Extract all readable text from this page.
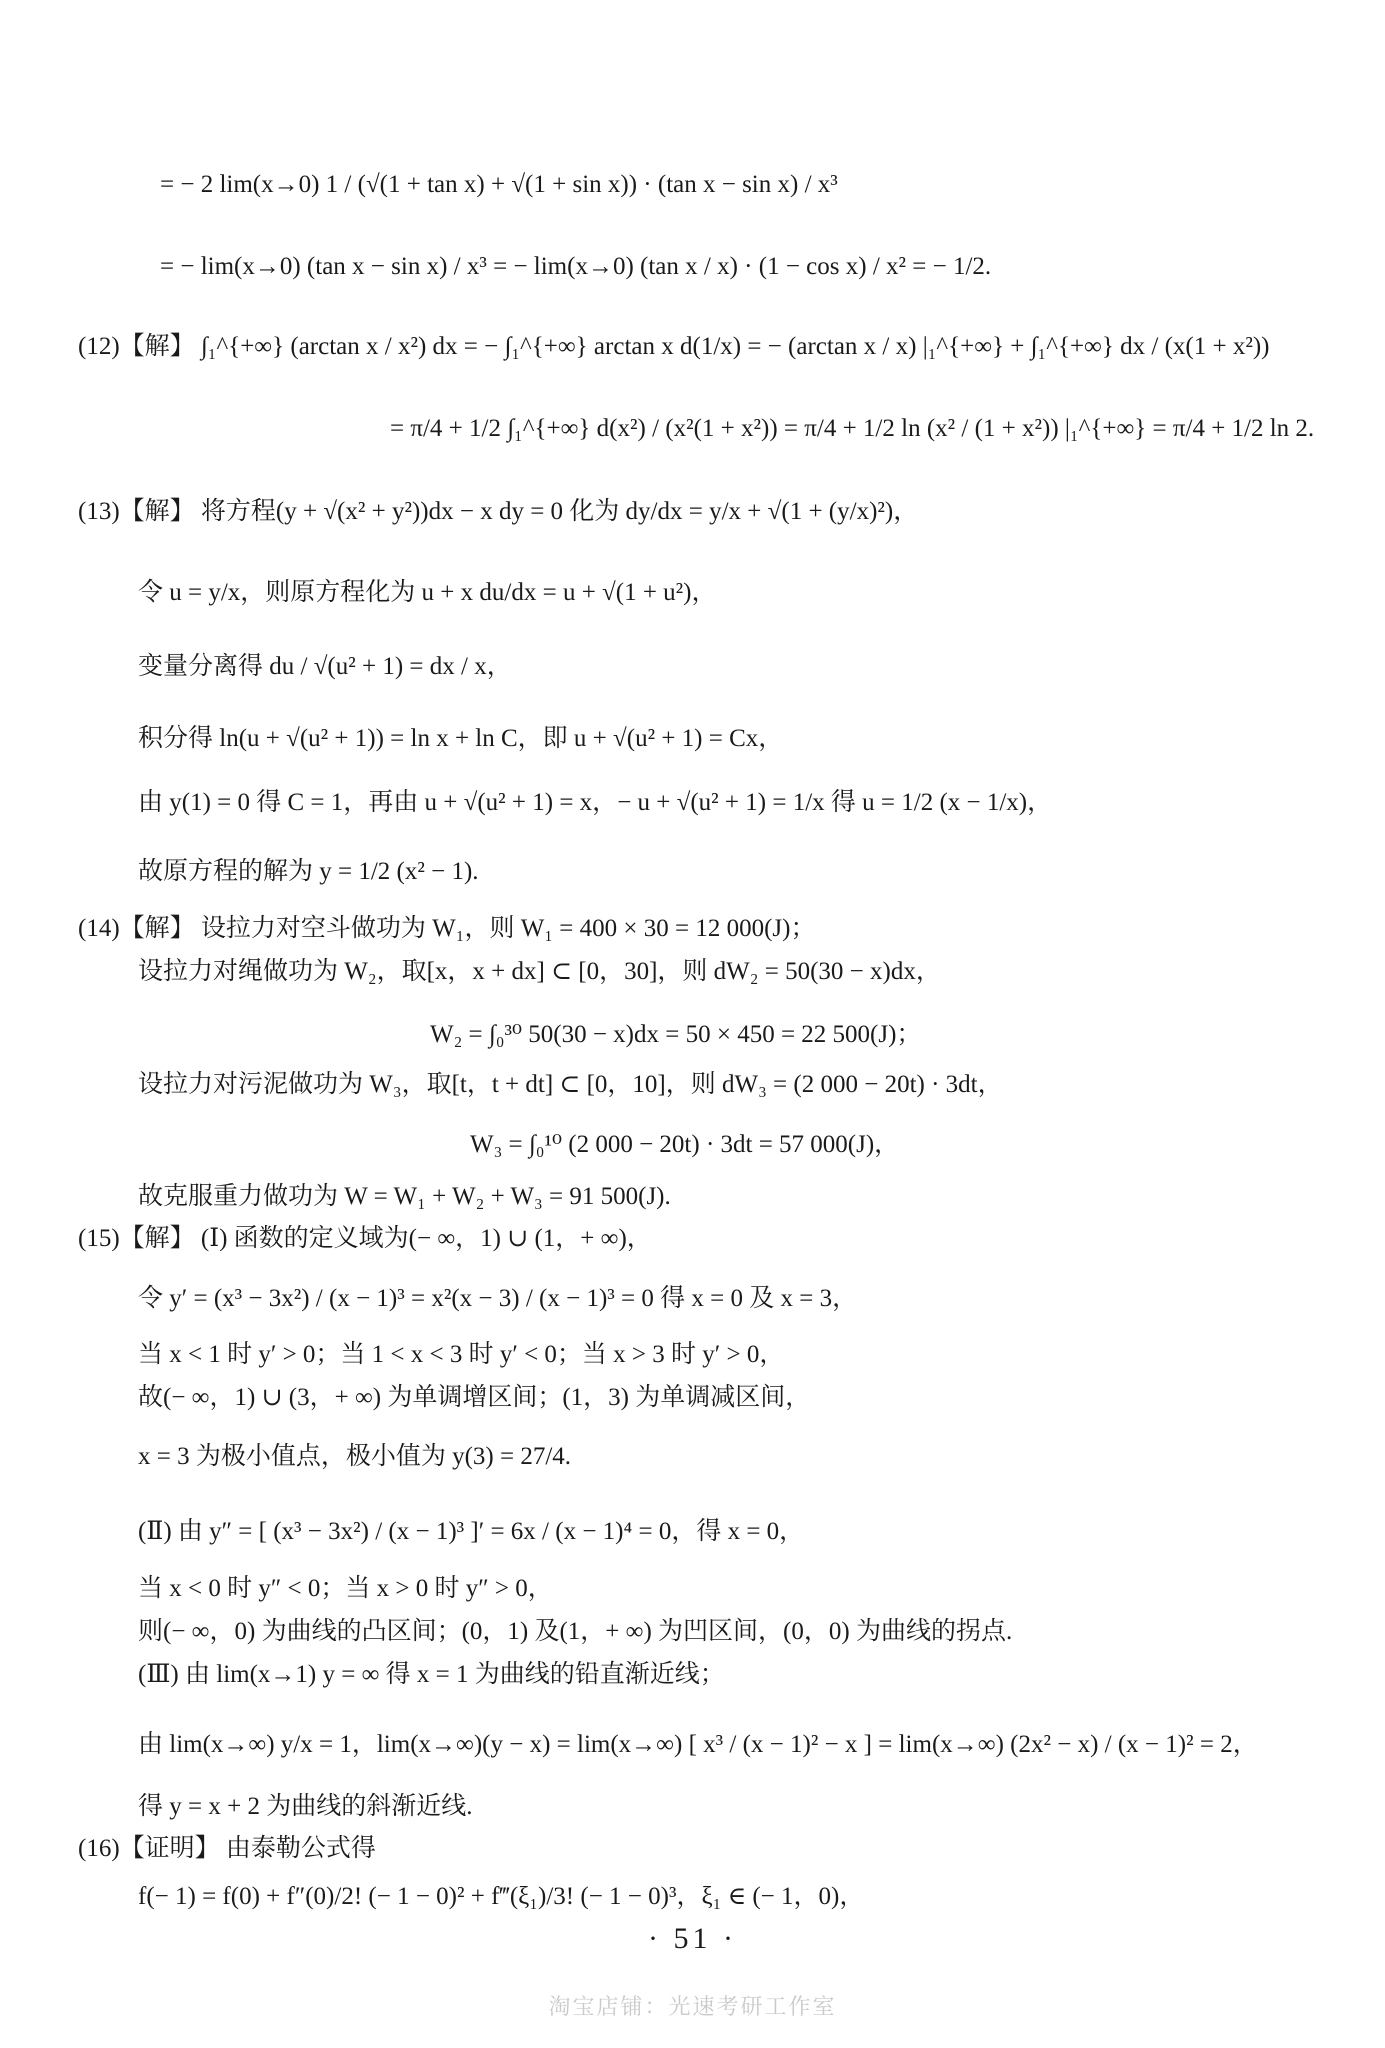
= − 2 lim(x→0) 1 / (√(1 + tan x) + √(1 + sin x)) · (tan x − sin x) / x³
= − lim(x→0) (tan x − sin x) / x³ = − lim(x→0) (tan x / x) · (1 − cos x) / x² = − 1/2.
(12)【解】 ∫₁^{+∞} (arctan x / x²) dx = − ∫₁^{+∞} arctan x d(1/x) = − (arctan x / x) |₁^{+∞} + ∫₁^{+∞} dx / (x(1 + x²))
= π/4 + 1/2 ∫₁^{+∞} d(x²) / (x²(1 + x²)) = π/4 + 1/2 ln (x² / (1 + x²)) |₁^{+∞} = π/4 + 1/2 ln 2.
(13)【解】 将方程(y + √(x² + y²))dx − x dy = 0 化为 dy/dx = y/x + √(1 + (y/x)²)，
令 u = y/x，则原方程化为 u + x du/dx = u + √(1 + u²)，
变量分离得 du / √(u² + 1) = dx / x，
积分得 ln(u + √(u² + 1)) = ln x + ln C，即 u + √(u² + 1) = Cx，
由 y(1) = 0 得 C = 1，再由 u + √(u² + 1) = x，− u + √(u² + 1) = 1/x 得 u = 1/2 (x − 1/x)，
故原方程的解为 y = 1/2 (x² − 1).
(14)【解】 设拉力对空斗做功为 W₁，则 W₁ = 400 × 30 = 12 000(J)；
设拉力对绳做功为 W₂，取[x，x + dx] ⊂ [0，30]，则 dW₂ = 50(30 − x)dx，
W₂ = ∫₀³⁰ 50(30 − x)dx = 50 × 450 = 22 500(J)；
设拉力对污泥做功为 W₃，取[t，t + dt] ⊂ [0，10]，则 dW₃ = (2 000 − 20t) · 3dt，
W₃ = ∫₀¹⁰ (2 000 − 20t) · 3dt = 57 000(J)，
故克服重力做功为 W = W₁ + W₂ + W₃ = 91 500(J).
(15)【解】 (Ⅰ) 函数的定义域为(− ∞，1) ∪ (1，+ ∞)，
令 y′ = (x³ − 3x²) / (x − 1)³ = x²(x − 3) / (x − 1)³ = 0 得 x = 0 及 x = 3，
当 x < 1 时 y′ > 0；当 1 < x < 3 时 y′ < 0；当 x > 3 时 y′ > 0，
故(− ∞，1) ∪ (3，+ ∞) 为单调增区间；(1，3) 为单调减区间，
x = 3 为极小值点，极小值为 y(3) = 27/4.
(Ⅱ) 由 y″ = [ (x³ − 3x²) / (x − 1)³ ]′ = 6x / (x − 1)⁴ = 0，得 x = 0，
当 x < 0 时 y″ < 0；当 x > 0 时 y″ > 0，
则(− ∞，0) 为曲线的凸区间；(0，1) 及(1，+ ∞) 为凹区间，(0，0) 为曲线的拐点.
(Ⅲ) 由 lim(x→1) y = ∞ 得 x = 1 为曲线的铅直渐近线；
由 lim(x→∞) y/x = 1，lim(x→∞)(y − x) = lim(x→∞) [ x³ / (x − 1)² − x ] = lim(x→∞) (2x² − x) / (x − 1)² = 2，
得 y = x + 2 为曲线的斜渐近线.
(16)【证明】 由泰勒公式得
f(− 1) = f(0) + f″(0)/2! (− 1 − 0)² + f‴(ξ₁)/3! (− 1 − 0)³，ξ₁ ∈ (− 1，0)，
· 51 ·
淘宝店铺：光速考研工作室
